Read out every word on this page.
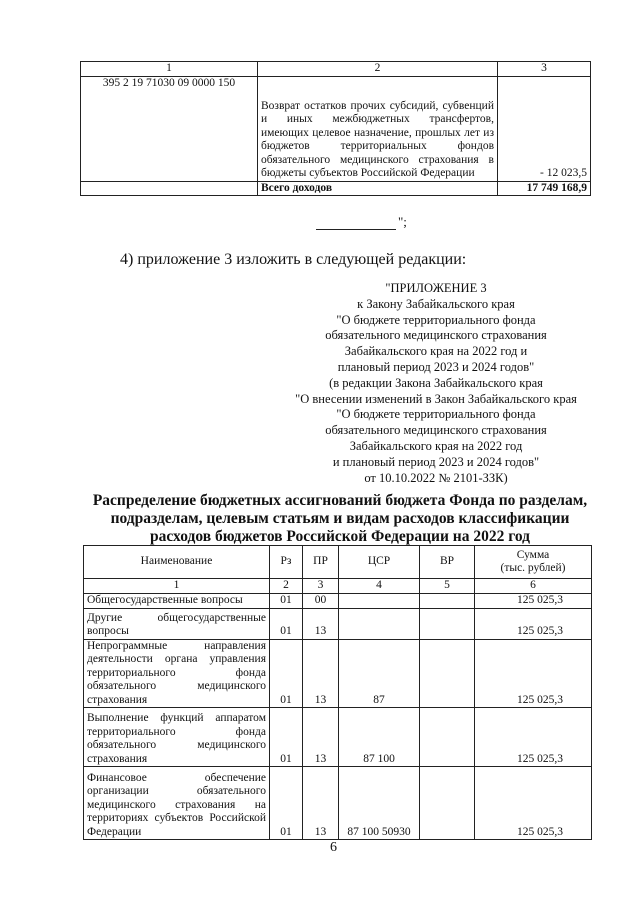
1	2	3
395 2 19 71030 09 0000 150	Возврат остатков прочих субсидий, субвенций и иных межбюджетных трансфертов, имеющих целевое назначение, прошлых лет из бюджетов территориальных фондов обязательного медицинского страхования в бюджеты субъектов Российской Федерации	- 12 023,5
	Всего доходов	17 749 168,9
";
4) приложение 3 изложить в следующей редакции:
"ПРИЛОЖЕНИЕ 3
к Закону Забайкальского края
"О бюджете территориального фонда
обязательного медицинского страхования
Забайкальского края на 2022 год и
плановый период 2023 и 2024 годов"
(в редакции Закона Забайкальского края
"О внесении изменений в Закон Забайкальского края
"О бюджете территориального фонда
обязательного медицинского страхования
Забайкальского края на 2022 год
и плановый период 2023 и 2024 годов"
от 10.10.2022 № 2101-ЗЗК)
Распределение бюджетных ассигнований бюджета Фонда по разделам, подразделам, целевым статьям и видам расходов классификации расходов бюджетов Российской Федерации на 2022 год
Наименование	Рз	ПР	ЦСР	ВР	Сумма
(тыс. рублей)

1	2	3	4	5	6
Общегосударственные вопросы	01	00			125 025,3
Другие общегосударственные вопросы	01	13			125 025,3
Непрограммные направления деятельности органа управления территориального фонда обязательного медицинского страхования	01	13	87		125 025,3
Выполнение функций аппаратом территориального фонда обязательного медицинского страхования	01	13	87 100		125 025,3
Финансовое обеспечение организации обязательного медицинского страхования на территориях субъектов Российской Федерации	01	13	87 100 50930		125 025,3
6
